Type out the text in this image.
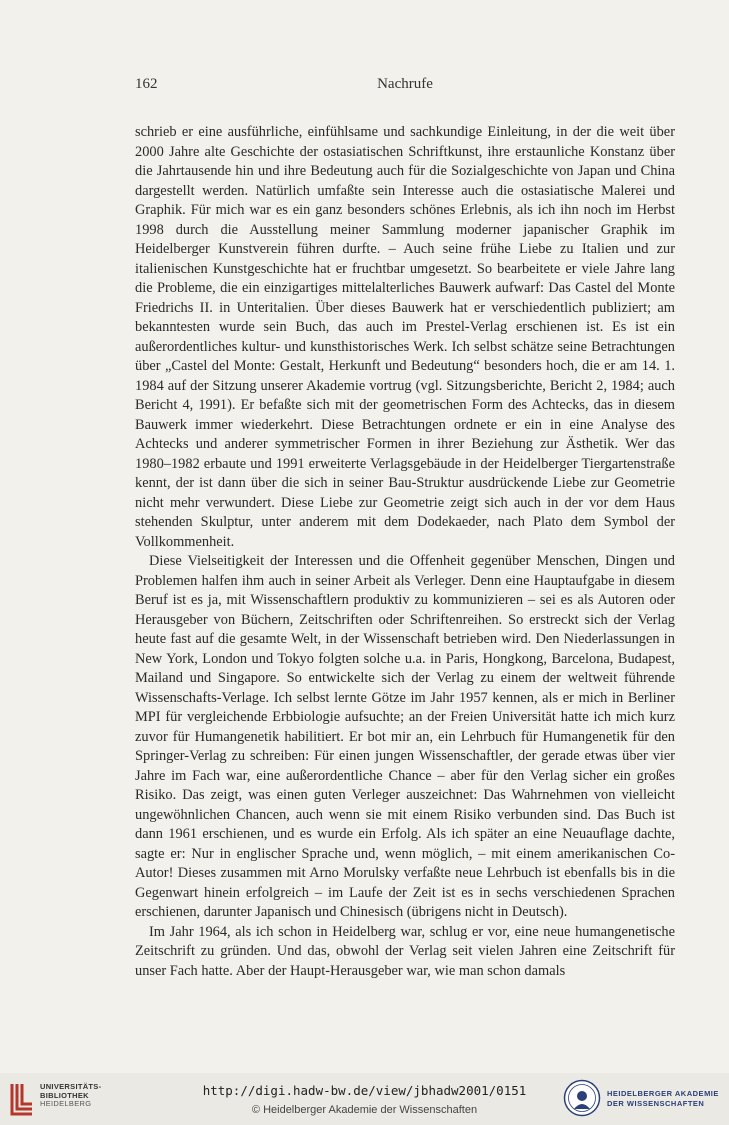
162	Nachrufe

schrieb er eine ausführliche, einfühlsame und sachkundige Einleitung, in der die weit über 2000 Jahre alte Geschichte der ostasiatischen Schriftkunst, ihre erstaunliche Konstanz über die Jahrtausende hin und ihre Bedeutung auch für die Sozialgeschichte von Japan und China dargestellt werden. Natürlich umfaßte sein Interesse auch die ostasiatische Malerei und Graphik. Für mich war es ein ganz besonders schönes Erlebnis, als ich ihn noch im Herbst 1998 durch die Ausstellung meiner Sammlung moderner japanischer Graphik im Heidelberger Kunstverein führen durfte. – Auch seine frühe Liebe zu Italien und zur italienischen Kunstgeschichte hat er fruchtbar umgesetzt. So bearbeitete er viele Jahre lang die Probleme, die ein einzigartiges mittelalterliches Bauwerk aufwarf: Das Castel del Monte Friedrichs II. in Unteritalien. Über dieses Bauwerk hat er verschiedentlich publiziert; am bekanntesten wurde sein Buch, das auch im Prestel-Verlag erschienen ist. Es ist ein außerordentliches kultur- und kunsthistorisches Werk. Ich selbst schätze seine Betrachtungen über „Castel del Monte: Gestalt, Herkunft und Bedeutung“ besonders hoch, die er am 14. 1. 1984 auf der Sitzung unserer Akademie vortrug (vgl. Sitzungsberichte, Bericht 2, 1984; auch Bericht 4, 1991). Er befaßte sich mit der geometrischen Form des Achtecks, das in diesem Bauwerk immer wiederkehrt. Diese Betrachtungen ordnete er ein in eine Analyse des Achtecks und anderer symmetrischer Formen in ihrer Beziehung zur Ästhetik. Wer das 1980–1982 erbaute und 1991 erweiterte Verlagsgebäude in der Heidelberger Tiergartenstraße kennt, der ist dann über die sich in seiner Bau-Struktur ausdrückende Liebe zur Geometrie nicht mehr verwundert. Diese Liebe zur Geometrie zeigt sich auch in der vor dem Haus stehenden Skulptur, unter anderem mit dem Dodekaeder, nach Plato dem Symbol der Vollkommenheit.

Diese Vielseitigkeit der Interessen und die Offenheit gegenüber Menschen, Dingen und Problemen halfen ihm auch in seiner Arbeit als Verleger. Denn eine Hauptaufgabe in diesem Beruf ist es ja, mit Wissenschaftlern produktiv zu kommunizieren – sei es als Autoren oder Herausgeber von Büchern, Zeitschriften oder Schriftenreihen. So erstreckt sich der Verlag heute fast auf die gesamte Welt, in der Wissenschaft betrieben wird. Den Niederlassungen in New York, London und Tokyo folgten solche u.a. in Paris, Hongkong, Barcelona, Budapest, Mailand und Singapore. So entwickelte sich der Verlag zu einem der weltweit führende Wissenschafts-Verlage. Ich selbst lernte Götze im Jahr 1957 kennen, als er mich in Berliner MPI für vergleichende Erbbiologie aufsuchte; an der Freien Universität hatte ich mich kurz zuvor für Humangenetik habilitiert. Er bot mir an, ein Lehrbuch für Humangenetik für den Springer-Verlag zu schreiben: Für einen jungen Wissenschaftler, der gerade etwas über vier Jahre im Fach war, eine außerordentliche Chance – aber für den Verlag sicher ein großes Risiko. Das zeigt, was einen guten Verleger auszeichnet: Das Wahrnehmen von vielleicht ungewöhnlichen Chancen, auch wenn sie mit einem Risiko verbunden sind. Das Buch ist dann 1961 erschienen, und es wurde ein Erfolg. Als ich später an eine Neuauflage dachte, sagte er: Nur in englischer Sprache und, wenn möglich, – mit einem amerikanischen Co-Autor! Dieses zusammen mit Arno Morulsky verfaßte neue Lehrbuch ist ebenfalls bis in die Gegenwart hinein erfolgreich – im Laufe der Zeit ist es in sechs verschiedenen Sprachen erschienen, darunter Japanisch und Chinesisch (übrigens nicht in Deutsch).

Im Jahr 1964, als ich schon in Heidelberg war, schlug er vor, eine neue humangenetische Zeitschrift zu gründen. Und das, obwohl der Verlag seit vielen Jahren eine Zeitschrift für unser Fach hatte. Aber der Haupt-Herausgeber war, wie man schon damals

UNIVERSITÄTS-
BIBLIOTHEK
HEIDELBERG
http://digi.hadw-bw.de/view/jbhadw2001/0151
© Heidelberger Akademie der Wissenschaften
HEIDELBERGER AKADEMIE
DER WISSENSCHAFTEN
